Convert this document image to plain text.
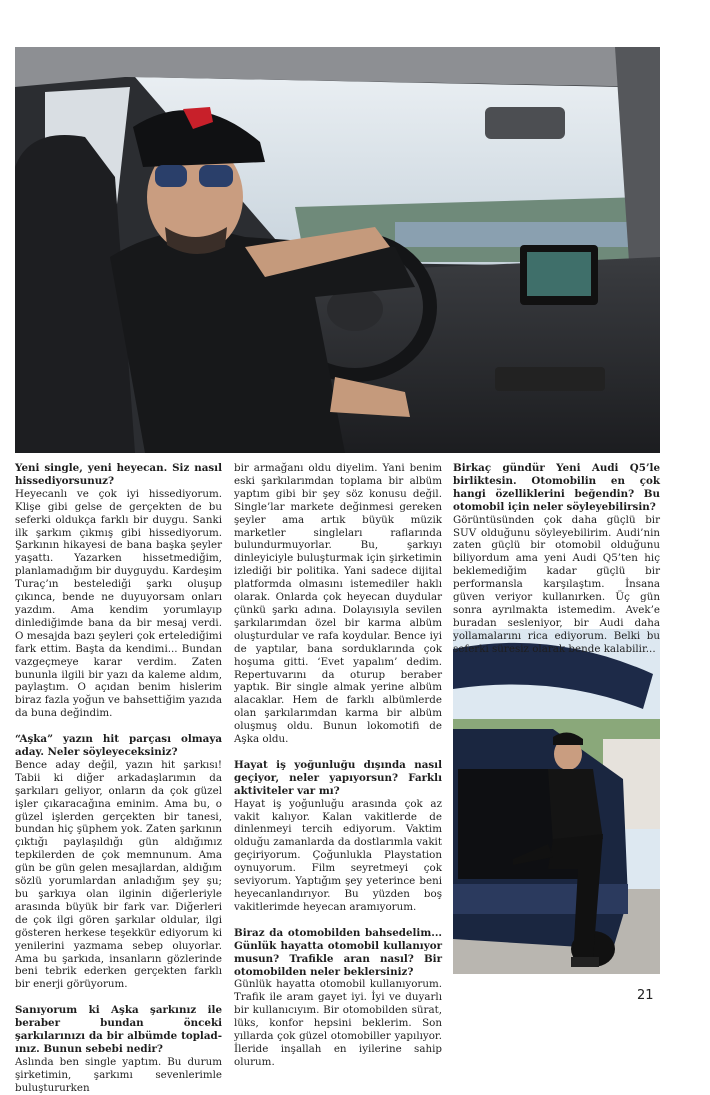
Yeni single, yeni heyecan. Siz nasıl hissediyorsunuz?

Heyecanlı ve çok iyi hissediyorum. Klişe gibi gelse de gerçekten de bu seferki oldukça farklı bir duygu. Sanki ilk şarkım çıkmış gibi hissediyorum. Şarkının hikayesi de bana başka şeyler yaşattı. Yazarken hissetmediğim, planlamadığım bir duyguydu. Kardeşim Turaç’ın bestelediği şarkı oluşup çıkınca, bende ne duyuyorsam onları yazdım. Ama kendim yorumlayıp dinlediğimde bana da bir mesaj verdi. O mesajda bazı şeyleri çok ertelediğimi fark ettim. Başta da kendimi... Bundan vazgeçmeye karar verdim. Zaten bununla ilgili bir yazı da kaleme aldım, paylaştım. O açıdan benim hislerim biraz fazla yoğun ve bahsettiğim yazıda da buna değindim.

“Aşka” yazın hit parçası olmaya aday. Neler söyleyeceksiniz?

Bence aday değil, yazın hit şarkısı! Tabii ki diğer arkadaşlarımın da şarkıları geliyor, onların da çok güzel işler çıkaracağına eminim. Ama bu, o güzel işlerden gerçekten bir tanesi, bundan hiç şüphem yok. Zaten şarkının çıktığı paylaşıldığı gün aldığımız tepkilerden de çok memnunum. Ama gün be gün gelen mesajlardan, aldığım sözlü yorumlardan anladığım şey şu; bu şarkıya olan ilginin diğerleriyle arasında büyük bir fark var. Diğerleri de çok ilgi gören şarkılar oldular, ilgi gösteren herkese teşekkür ediyorum ki yenilerini yazmama sebep oluyorlar. Ama bu şarkıda, insanların gözlerinde beni tebrik ederken gerçekten farklı bir enerji görüyorum.

Sanıyorum ki Aşka şarkınız ile beraber bundan önceki şarkılarınızı da bir albümde topladınız. Bunun sebebi nedir?

Aslında ben single yaptım. Bu durum şirketimin, şarkımı sevenlerimle buluştururken

bir armağanı oldu diyelim. Yani benim eski şarkılarımdan toplama bir albüm yaptım gibi bir şey söz konusu değil. Single’lar markete değinmesi gereken şeyler ama artık büyük müzik marketler singleları raflarında bulundurmuyorlar. Bu, şarkıyı dinleyiciyle buluşturmak için şirketimin izlediği bir politika. Yani sadece dijital platformda olmasını istemediler haklı olarak. Onlarda çok heyecan duydular çünkü şarkı adına. Dolayısıyla sevilen şarkılarımdan özel bir karma albüm oluşturdular ve rafa koydular. Bence iyi de yaptılar, bana sorduklarında çok hoşuma gitti. ‘Evet yapalım’ dedim. Repertuvarını da oturup beraber yaptık. Bir single almak yerine albüm alacaklar. Hem de farklı albümlerde olan şarkılarımdan karma bir albüm oluşmuş oldu. Bunun lokomotifi de Aşka oldu.

Hayat iş yoğunluğu dışında nasıl geçiyor, neler yapıyorsun? Farklı aktiviteler var mı?

Hayat iş yoğunluğu arasında çok az vakit kalıyor. Kalan vakitlerde de dinlenmeyi tercih ediyorum. Vaktim olduğu zamanlarda da dostlarımla vakit geçiriyorum. Çoğunlukla Playstation oynuyorum. Film seyretmeyi çok seviyorum. Yaptığım şey yeterince beni heyecanlandırıyor. Bu yüzden boş vakitlerimde heyecan aramıyorum.

Biraz da otomobilden bahsedelim... Günlük hayatta otomobil kullanıyor musun? Trafikle aran nasıl? Bir otomobilden neler beklersiniz?

Günlük hayatta otomobil kullanıyorum. Trafik ile aram gayet iyi. İyi ve duyarlı bir kullanıcıyım. Bir otomobilden sürat, lüks, konfor hepsini beklerim. Son yıllarda çok güzel otomobiller yapılıyor. İleride inşallah en iyilerine sahip olurum.

Birkaç gündür Yeni Audi Q5’le birliktesin. Otomobilin en çok hangi özelliklerini beğendin? Bu otomobil için neler söyleyebilirsin?

Görüntüsünden çok daha güçlü bir SUV olduğunu söyleyebilirim. Audi’nin zaten güçlü bir otomobil olduğunu biliyordum ama yeni Audi Q5’ten hiç beklemediğim kadar güçlü bir performansla karşılaştım. İnsana güven veriyor kullanırken. Üç gün sonra ayrılmakta istemedim. Avek’e buradan sesleniyor, bir Audi daha yollamalarını rica ediyorum. Belki bu seferki süresiz olarak bende kalabilir...

21
